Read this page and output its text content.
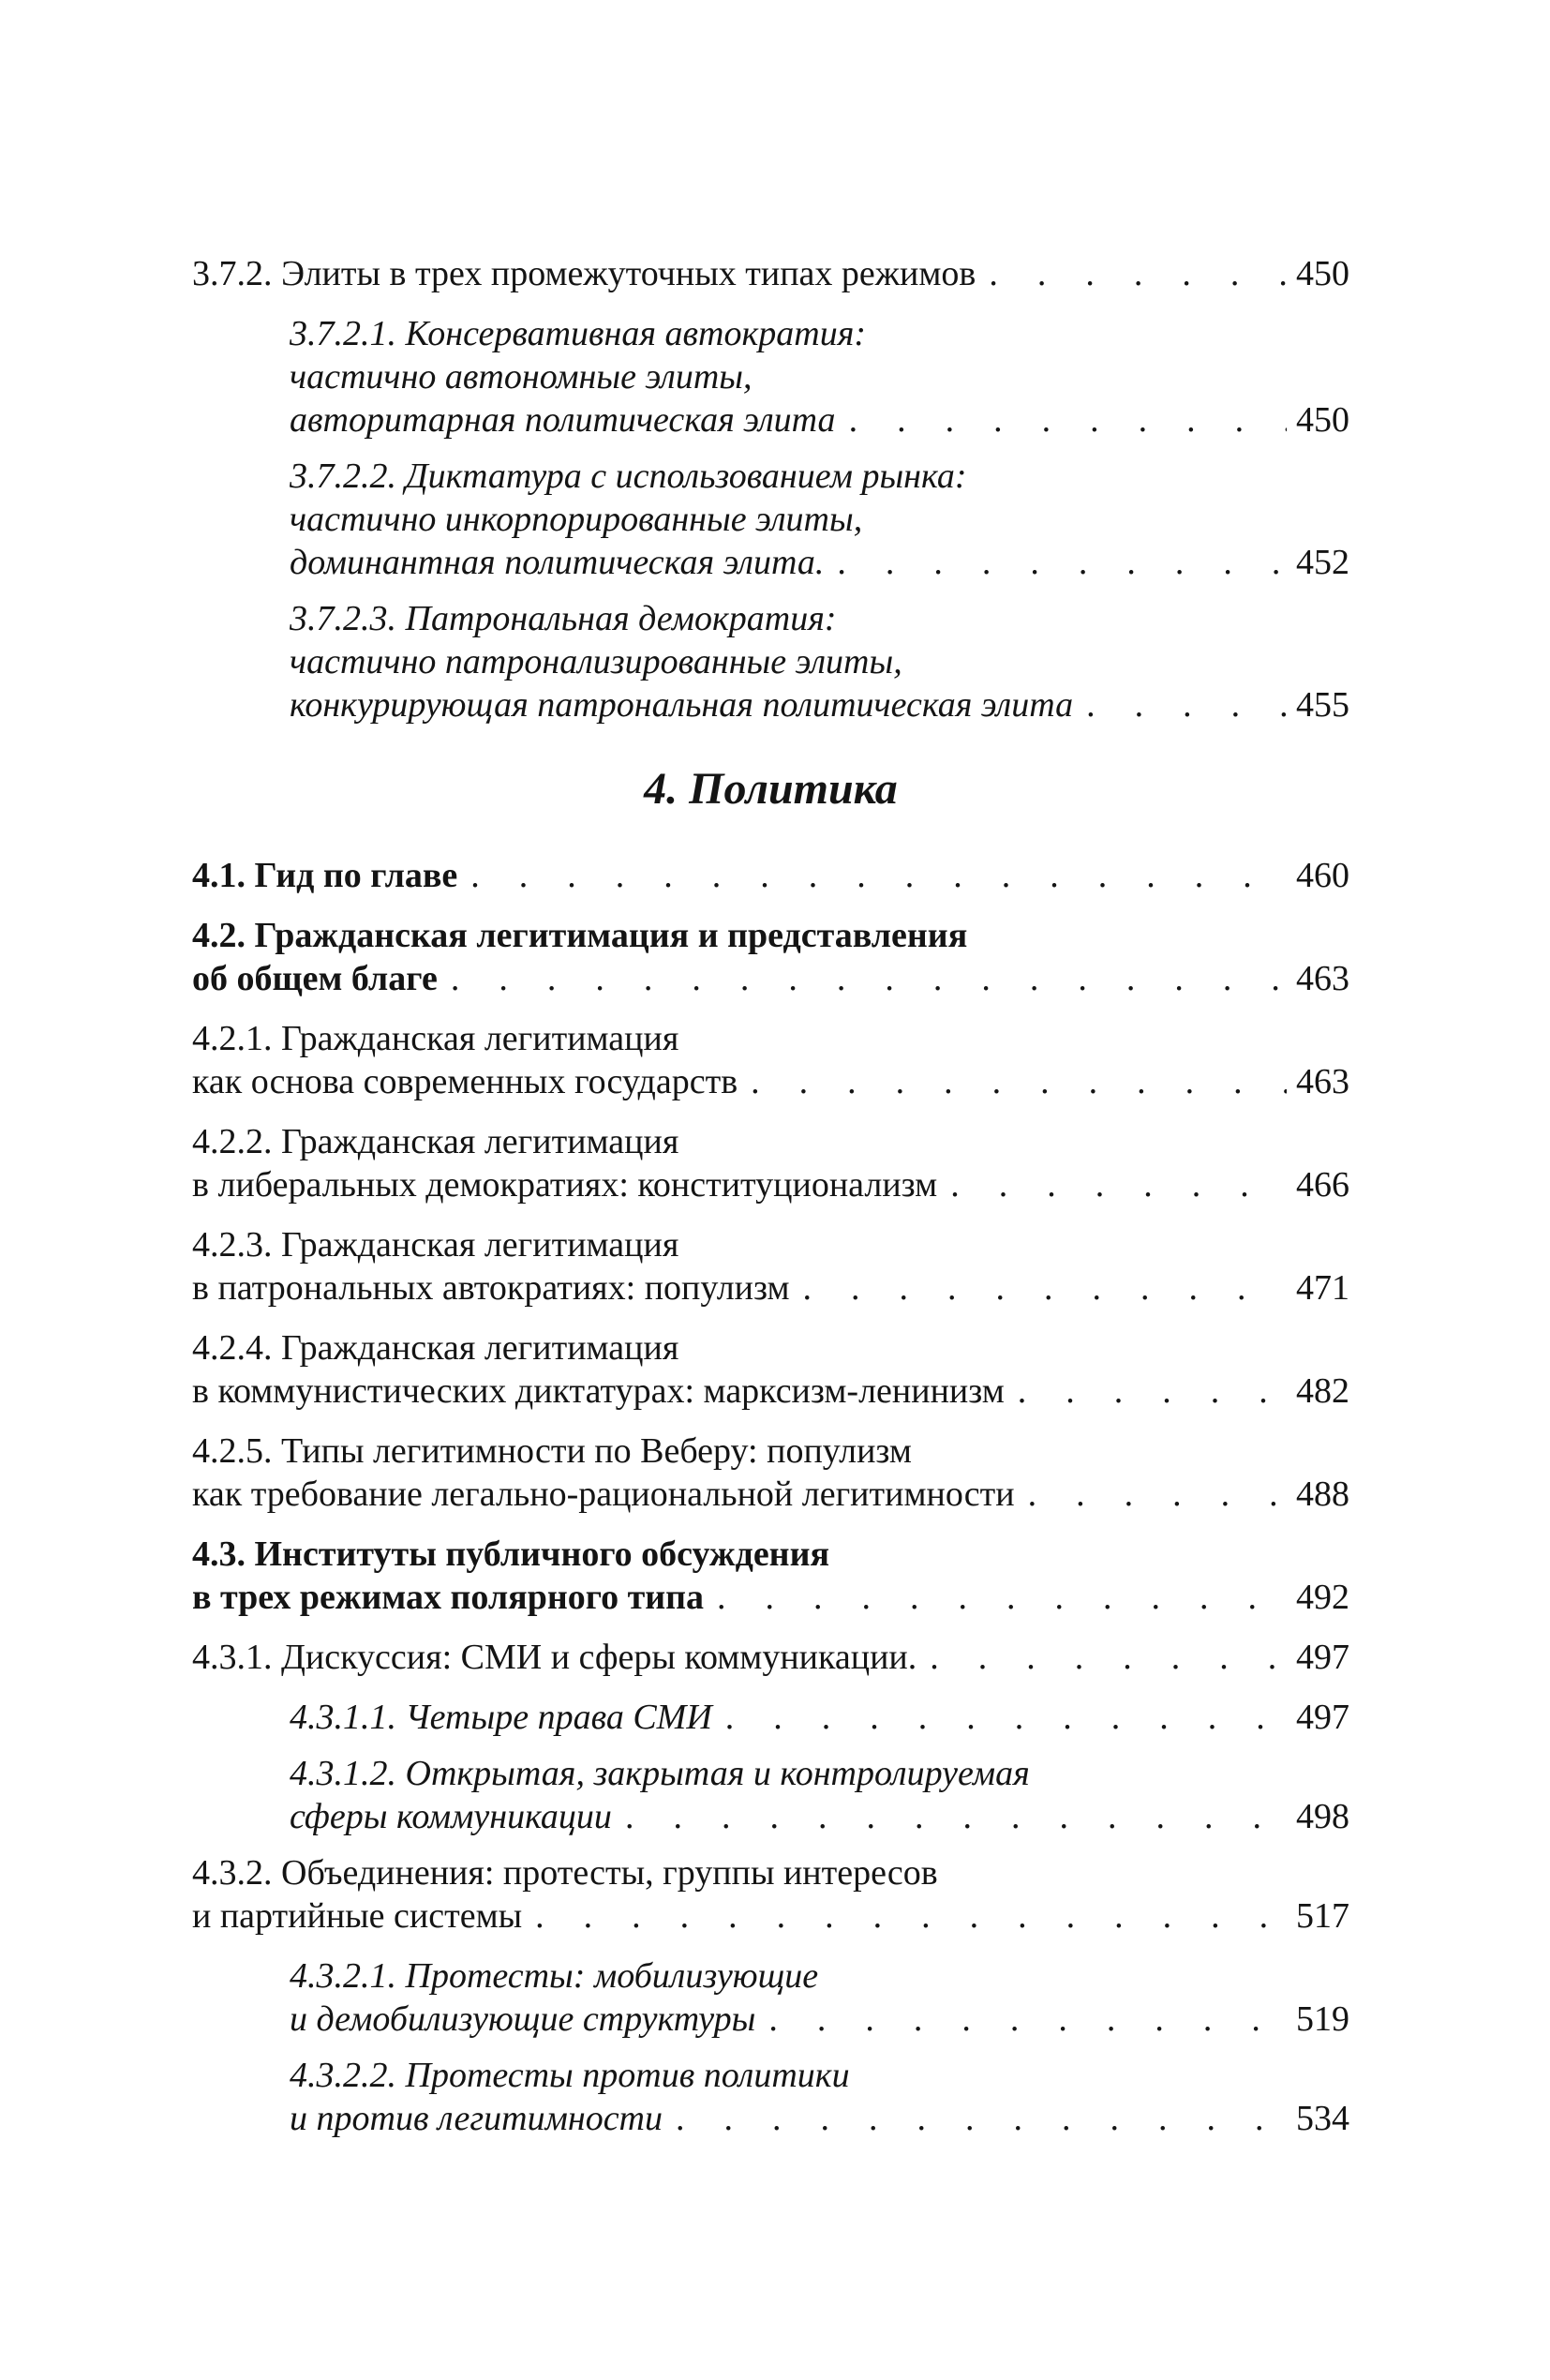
3.7.2. Элиты в трех промежуточных типах режимов .....	450
3.7.2.1. Консервативная автократия:
частично автономные элиты,
авторитарная политическая элита .....	450
3.7.2.2. Диктатура с использованием рынка:
частично инкорпорированные элиты,
доминантная политическая элита. .....	452
3.7.2.3. Патрональная демократия:
частично патронализированные элиты,
конкурирующая патрональная политическая элита .....	455
4. Политика
4.1. Гид по главе .....	460
4.2. Гражданская легитимация и представления
об общем благе .....	463
4.2.1. Гражданская легитимация
как основа современных государств .....	463
4.2.2. Гражданская легитимация
в либеральных демократиях: конституционализм .....	466
4.2.3. Гражданская легитимация
в патрональных автократиях: популизм .....	471
4.2.4. Гражданская легитимация
в коммунистических диктатурах: марксизм-ленинизм .....	482
4.2.5. Типы легитимности по Веберу: популизм
как требование легально-рациональной легитимности .....	488
4.3. Институты публичного обсуждения
в трех режимах полярного типа .....	492
4.3.1. Дискуссия: СМИ и сферы коммуникации. .....	497
4.3.1.1. Четыре права СМИ .....	497
4.3.1.2. Открытая, закрытая и контролируемая
сферы коммуникации .....	498
4.3.2. Объединения: протесты, группы интересов
и партийные системы .....	517
4.3.2.1. Протесты: мобилизующие
и демобилизующие структуры .....	519
4.3.2.2. Протесты против политики
и против легитимности .....	534
